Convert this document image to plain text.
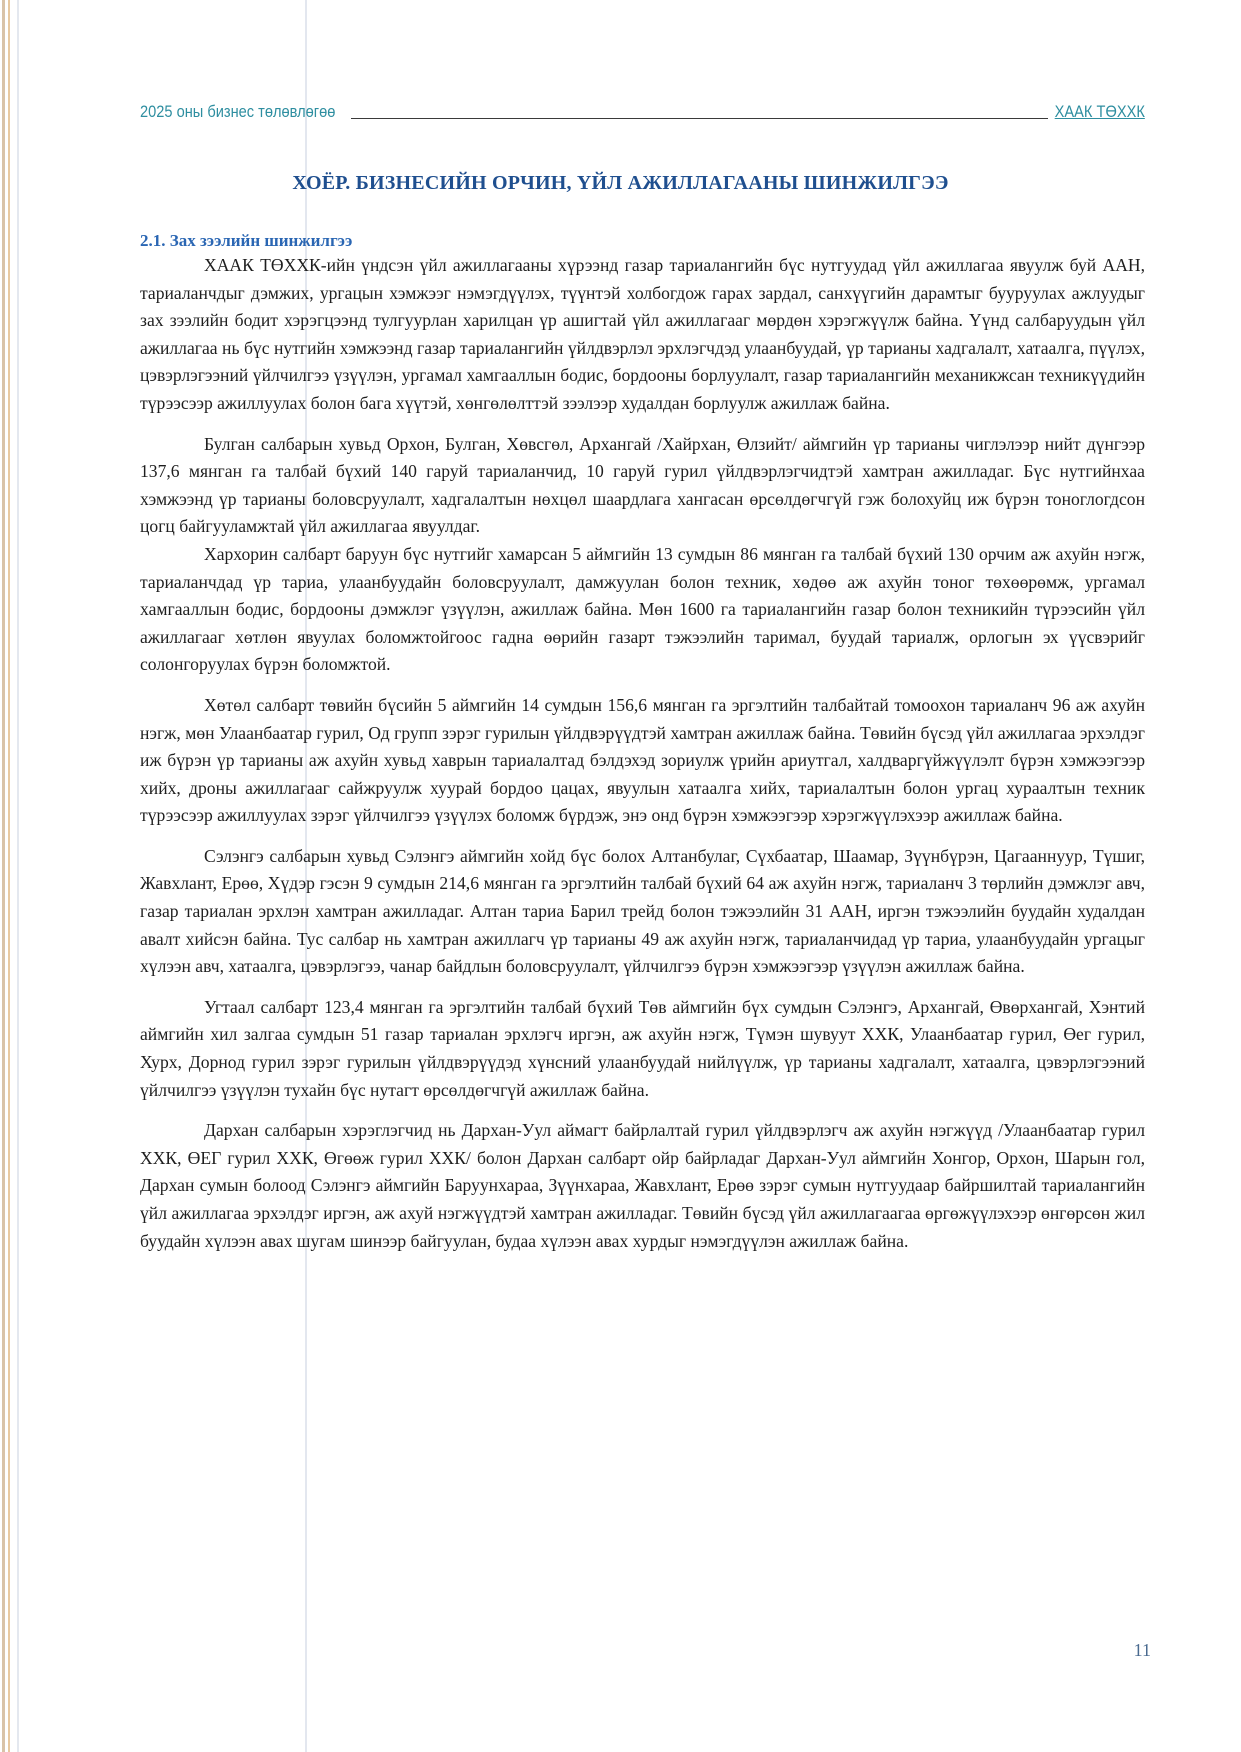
2025 оны бизнес төлөвлөгөө	ХААК ТӨХХК
ХОЁР. БИЗНЕСИЙН ОРЧИН, ҮЙЛ АЖИЛЛАГААНЫ ШИНЖИЛГЭЭ
2.1. Зах зээлийн шинжилгээ

ХААК ТӨХХК-ийн үндсэн үйл ажиллагааны хүрээнд газар тариалангийн бүс нутгуудад үйл ажиллагаа явуулж буй ААН, тариаланчдыг дэмжих, ургацын хэмжээг нэмэгдүүлэх, түүнтэй холбогдож гарах зардал, санхүүгийн дарамтыг бууруулах ажлуудыг зах зээлийн бодит хэрэгцээнд тулгуурлан харилцан үр ашигтай үйл ажиллагааг мөрдөн хэрэгжүүлж байна. Үүнд салбаруудын үйл ажиллагаа нь бүс нутгийн хэмжээнд газар тариалангийн үйлдвэрлэл эрхлэгчдэд улаанбуудай, үр тарианы хадгалалт, хатаалга, пүүлэх, цэвэрлэгээний үйлчилгээ үзүүлэн, ургамал хамгааллын бодис, бордооны борлуулалт, газар тариалангийн механикжсан техникүүдийн түрээсээр ажиллуулах болон бага хүүтэй, хөнгөлөлттэй зээлээр худалдан борлуулж ажиллаж байна.

Булган салбарын хувьд Орхон, Булган, Хөвсгөл, Архангай /Хайрхан, Өлзийт/ аймгийн үр тарианы чиглэлээр нийт дүнгээр 137,6 мянган га талбай бүхий 140 гаруй тариаланчид, 10 гаруй гурил үйлдвэрлэгчидтэй хамтран ажилладаг. Бүс нутгийнхаа хэмжээнд үр тарианы боловсруулалт, хадгалалтын нөхцөл шаардлага хангасан өрсөлдөгчгүй гэж болохуйц иж бүрэн тоноглогдсон цогц байгууламжтай үйл ажиллагаа явуулдаг.

Хархорин салбарт баруун бүс нутгийг хамарсан 5 аймгийн 13 сумдын 86 мянган га талбай бүхий 130 орчим аж ахуйн нэгж, тариаланчдад үр тариа, улаанбуудайн боловсруулалт, дамжуулан болон техник, хөдөө аж ахуйн тоног төхөөрөмж, ургамал хамгааллын бодис, бордооны дэмжлэг үзүүлэн, ажиллаж байна. Мөн 1600 га тариалангийн газар болон техникийн түрээсийн үйл ажиллагааг хөтлөн явуулах боломжтойгоос гадна өөрийн газарт тэжээлийн таримал, буудай тариалж, орлогын эх үүсвэрийг солонгоруулах бүрэн боломжтой.

Хөтөл салбарт төвийн бүсийн 5 аймгийн 14 сумдын 156,6 мянган га эргэлтийн талбайтай томоохон тариаланч 96 аж ахуйн нэгж, мөн Улаанбаатар гурил, Од групп зэрэг гурилын үйлдвэрүүдтэй хамтран ажиллаж байна. Төвийн бүсэд үйл ажиллагаа эрхэлдэг иж бүрэн үр тарианы аж ахуйн хувьд хаврын тариалалтад бэлдэхэд зориулж үрийн ариутгал, халдваргүйжүүлэлт бүрэн хэмжээгээр хийх, дроны ажиллагааг сайжруулж хуурай бордоо цацах, явуулын хатаалга хийх, тариалалтын болон ургац хураалтын техник түрээсээр ажиллуулах зэрэг үйлчилгээ үзүүлэх боломж бүрдэж, энэ онд бүрэн хэмжээгээр хэрэгжүүлэхээр ажиллаж байна.

Сэлэнгэ салбарын хувьд Сэлэнгэ аймгийн хойд бүс болох Алтанбулаг, Сүхбаатар, Шаамар, Зүүнбүрэн, Цагааннуур, Түшиг, Жавхлант, Ерөө, Хүдэр гэсэн 9 сумдын 214,6 мянган га эргэлтийн талбай бүхий 64 аж ахуйн нэгж, тариаланч 3 төрлийн дэмжлэг авч, газар тариалан эрхлэн хамтран ажилладаг. Алтан тариа Барил трейд болон тэжээлийн 31 ААН, иргэн тэжээлийн буудайн худалдан авалт хийсэн байна. Тус салбар нь хамтран ажиллагч үр тарианы 49 аж ахуйн нэгж, тариаланчидад үр тариа, улаанбуудайн ургацыг хүлээн авч, хатаалга, цэвэрлэгээ, чанар байдлын боловсруулалт, үйлчилгээ бүрэн хэмжээгээр үзүүлэн ажиллаж байна.

Угтаал салбарт 123,4 мянган га эргэлтийн талбай бүхий Төв аймгийн бүх сумдын Сэлэнгэ, Архангай, Өвөрхангай, Хэнтий аймгийн хил залгаа сумдын 51 газар тариалан эрхлэгч иргэн, аж ахуйн нэгж, Түмэн шувуут ХХК, Улаанбаатар гурил, Өег гурил, Хурх, Дорнод гурил зэрэг гурилын үйлдвэрүүдэд хүнсний улаанбуудай нийлүүлж, үр тарианы хадгалалт, хатаалга, цэвэрлэгээний үйлчилгээ үзүүлэн тухайн бүс нутагт өрсөлдөгчгүй ажиллаж байна.

Дархан салбарын хэрэглэгчид нь Дархан-Уул аймагт байрлалтай гурил үйлдвэрлэгч аж ахуйн нэгжүүд /Улаанбаатар гурил ХХК, ӨЕГ гурил ХХК, Өгөөж гурил ХХК/ болон Дархан салбарт ойр байрладаг Дархан-Уул аймгийн Хонгор, Орхон, Шарын гол, Дархан сумын болоод Сэлэнгэ аймгийн Баруунхараа, Зүүнхараа, Жавхлант, Ерөө зэрэг сумын нутгуудаар байршилтай тариалангийн үйл ажиллагаа эрхэлдэг иргэн, аж ахуй нэгжүүдтэй хамтран ажилладаг. Төвийн бүсэд үйл ажиллагаагаа өргөжүүлэхээр өнгөрсөн жил буудайн хүлээн авах шугам шинээр байгуулан, будаа хүлээн авах хурдыг нэмэгдүүлэн ажиллаж байна.

11
